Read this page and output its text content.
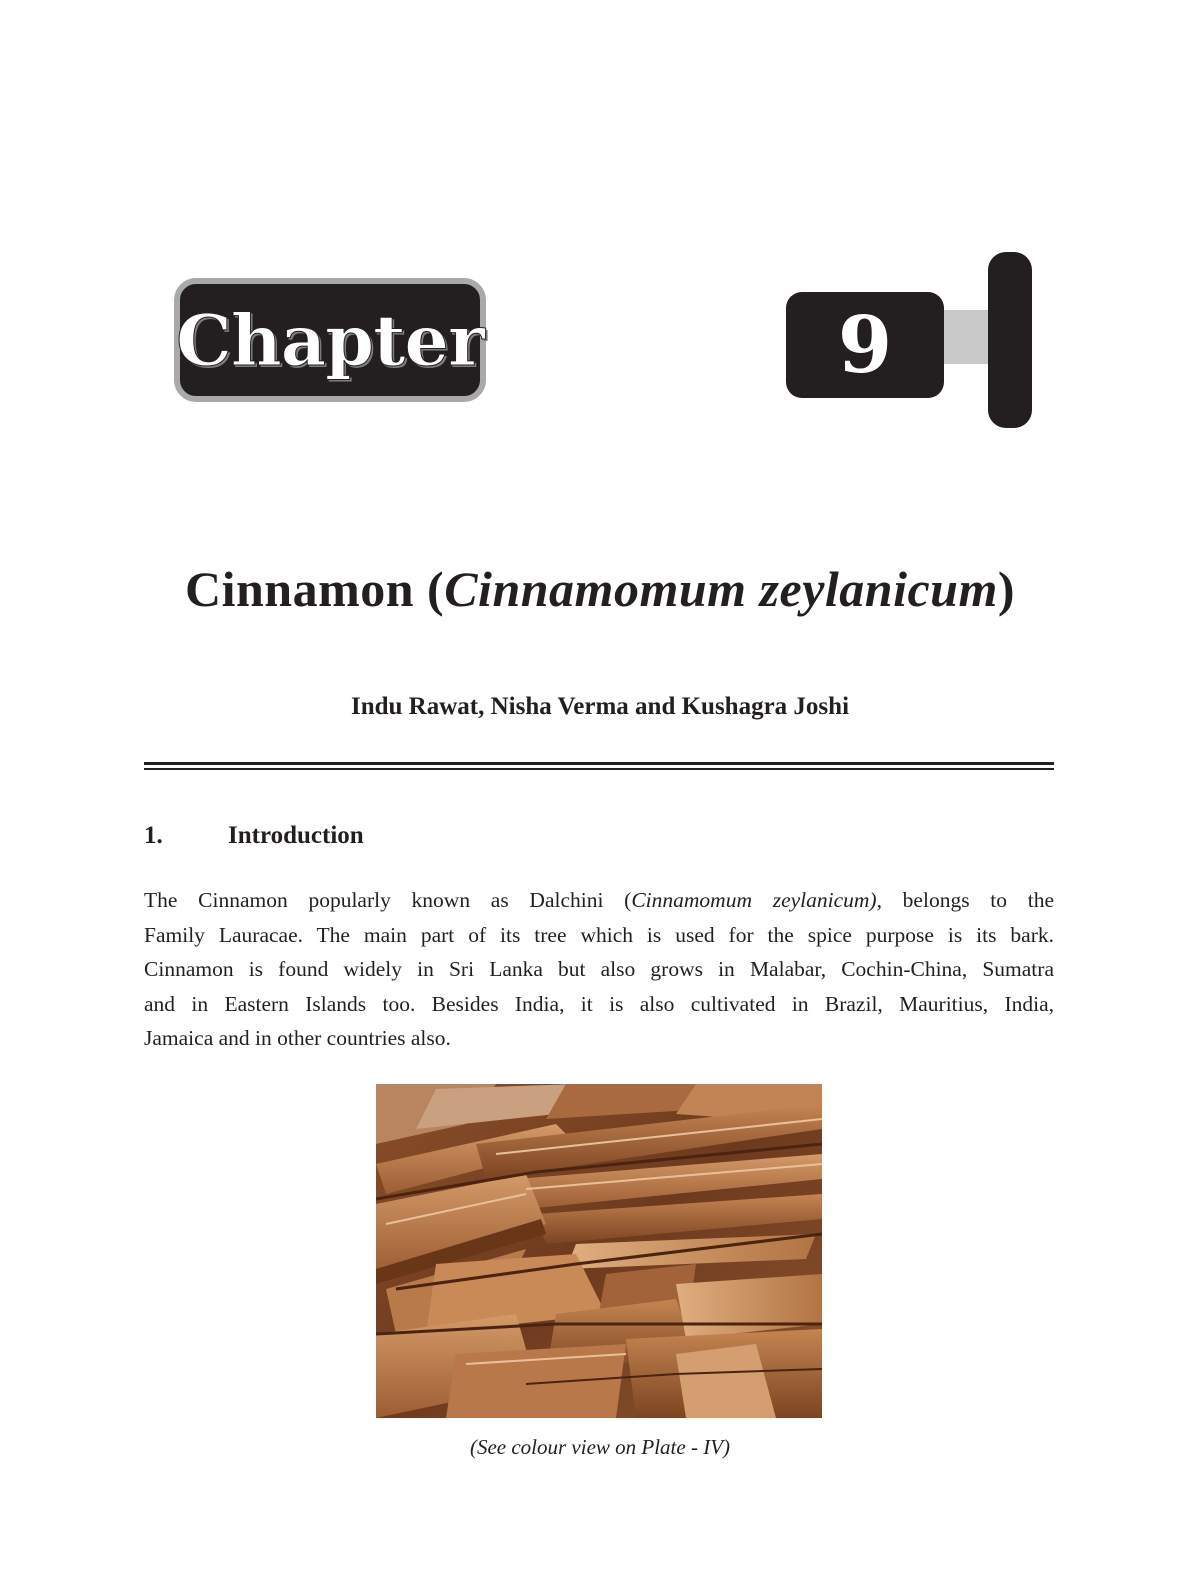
Chapter	9
Cinnamon (Cinnamomum zeylanicum)
Indu Rawat, Nisha Verma and Kushagra Joshi
1.	Introduction
The Cinnamon popularly known as Dalchini (Cinnamomum zeylanicum), belongs to the
Family Lauracae. The main part of its tree which is used for the spice purpose is its bark.
Cinnamon is found widely in Sri Lanka but also grows in Malabar, Cochin-China, Sumatra
and in Eastern Islands too. Besides India, it is also cultivated in Brazil, Mauritius, India,
Jamaica and in other countries also.
(See colour view on Plate - IV)
